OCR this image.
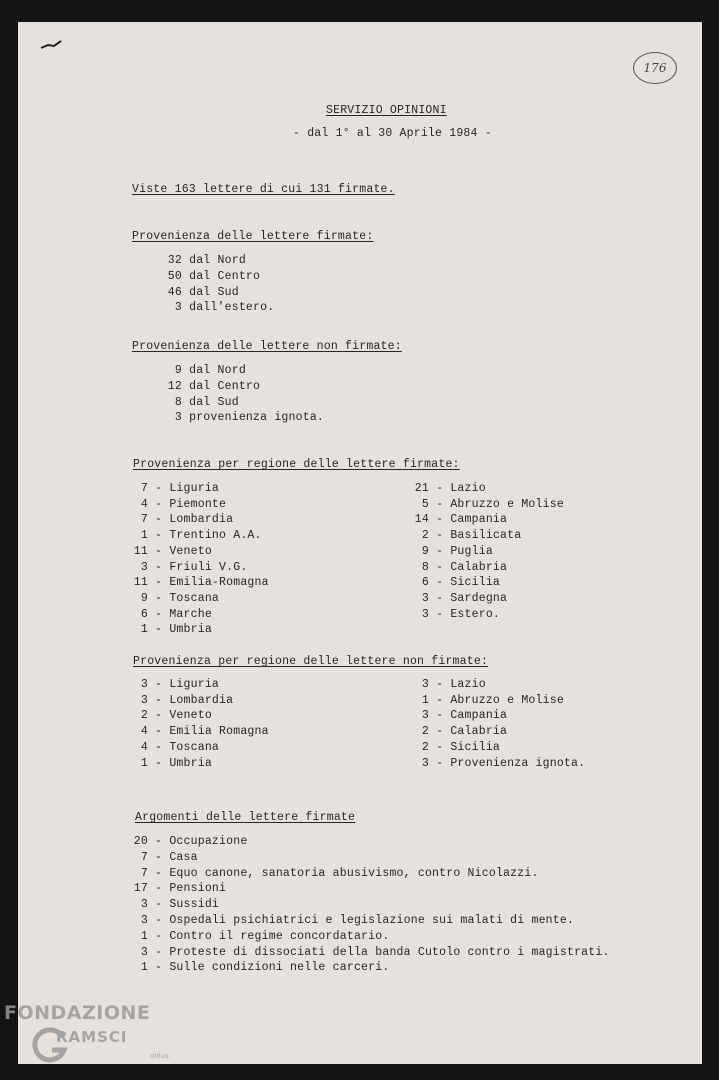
176
SERVIZIO OPINIONI
- dal 1° al 30 Aprile 1984 -
Viste 163 lettere di cui 131 firmate.
Provenienza delle lettere firmate:
32 dal Nord
50 dal Centro
46 dal Sud
3 dall'estero.
Provenienza delle lettere non firmate:
9 dal Nord
12 dal Centro
8 dal Sud
3 provenienza ignota.
Provenienza per regione delle lettere firmate:
7 - Liguria
4 - Piemonte
7 - Lombardia
1 - Trentino A.A.
11 - Veneto
3 - Friuli V.G.
11 - Emilia-Romagna
9 - Toscana
6 - Marche
1 - Umbria
21 - Lazio
5 - Abruzzo e Molise
14 - Campania
2 - Basilicata
9 - Puglia
8 - Calabria
6 - Sicilia
3 - Sardegna
3 - Estero.
Provenienza per regione delle lettere non firmate:
3 - Liguria
3 - Lombardia
2 - Veneto
4 - Emilia Romagna
4 - Toscana
1 - Umbria
3 - Lazio
1 - Abruzzo e Molise
3 - Campania
2 - Calabria
2 - Sicilia
3 - Provenienza ignota.
Argomenti delle lettere firmate
20 - Occupazione
7 - Casa
7 - Equo canone, sanatoria abusivismo, contro Nicolazzi.
17 - Pensioni
3 - Sussidi
3 - Ospedali psichiatrici e legislazione sui malati di mente.
1 - Contro il regime concordatario.
3 - Proteste di dissociati della banda Cutolo contro i magistrati.
1 - Sulle condizioni nelle carceri.
FONDAZIONE
RAMSCI
onlus
